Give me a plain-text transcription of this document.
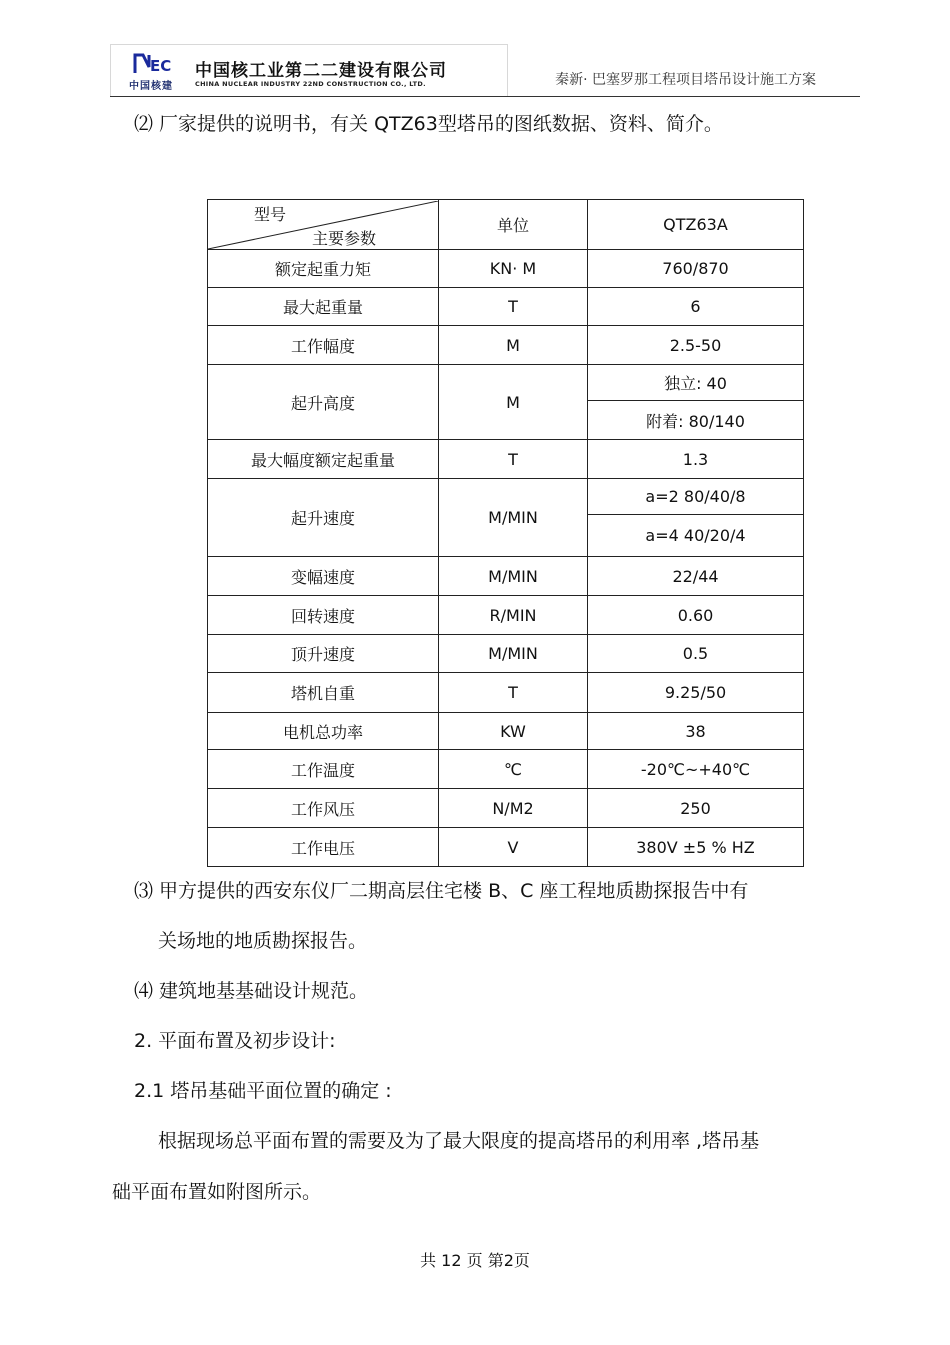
EC
中国核建
中国核工业第二二建设有限公司
CHINA NUCLEAR INDUSTRY 22ND CONSTRUCTION CO., LTD.	秦新· 巴塞罗那工程项目塔吊设计施工方案
⑵ 厂家提供的说明书，有关 QTZ63型塔吊的图纸数据、资料、简介。
型号
主要参数	单位	QTZ63A
额定起重力矩	KN· M	760/870
最大起重量	T	6
工作幅度	M	2.5-50
起升高度	M	独立: 40
		附着: 80/140
最大幅度额定起重量	T	1.3
起升速度	M/MIN	a=2 80/40/8
		a=4 40/20/4
变幅速度	M/MIN	22/44
回转速度	R/MIN	0.60
顶升速度	M/MIN	0.5
塔机自重	T	9.25/50
电机总功率	KW	38
工作温度	℃	-20℃~+40℃
工作风压	N/M2	250
工作电压	V	380V ±5 % HZ
⑶ 甲方提供的西安东仪厂二期高层住宅楼 B、C 座工程地质勘探报告中有
关场地的地质勘探报告。
⑷ 建筑地基基础设计规范。
2. 平面布置及初步设计:
2.1 塔吊基础平面位置的确定 :
根据现场总平面布置的需要及为了最大限度的提高塔吊的利用率 ,塔吊基
础平面布置如附图所示。
共 12 页 第2页
